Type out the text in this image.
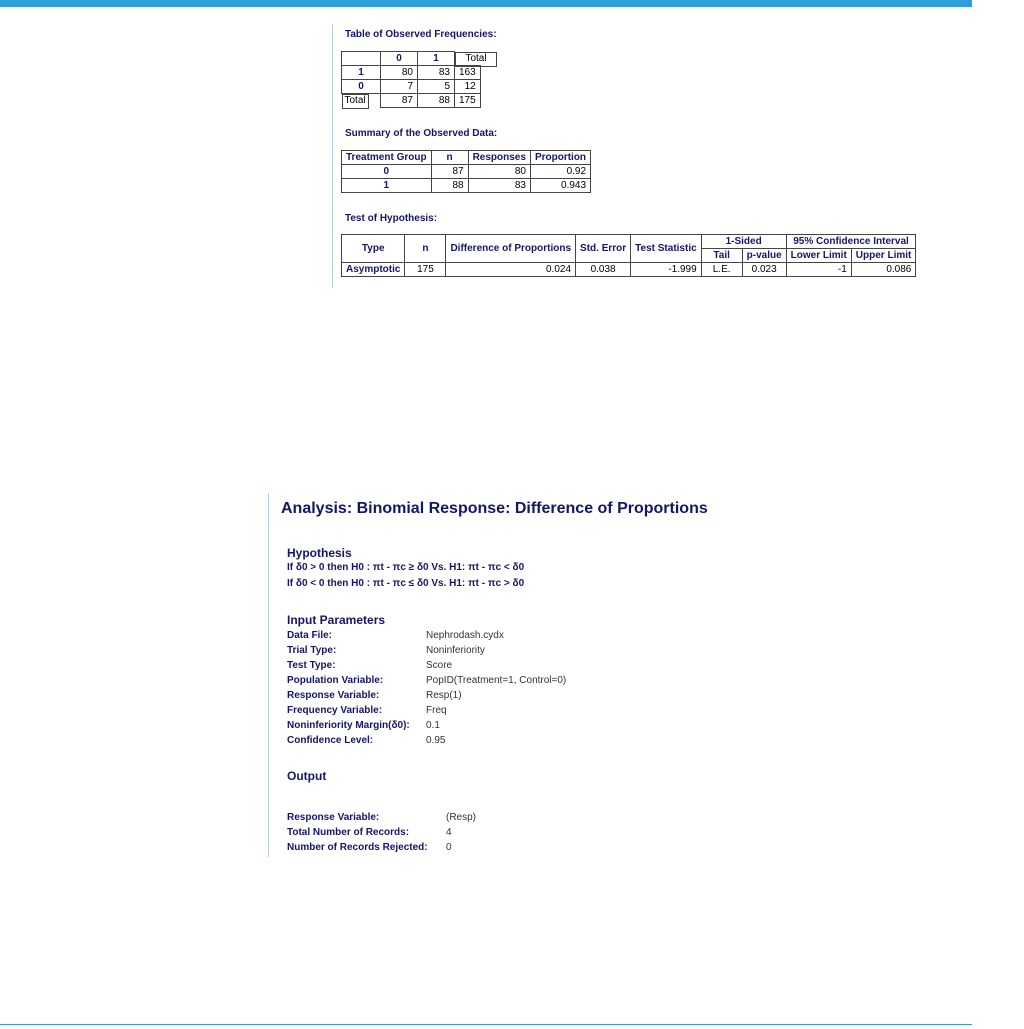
Table of Observed Frequencies:
	0	1		Total

1	80	83	163
0	7	5	12

Total	87	88	175
Summary of the Observed Data:
Treatment Group	n	Responses	Proportion
0	87	80	0.92
1	88	83	0.943
Test of Hypothesis:
Type	n	Difference of Proportions	Std. Error	Test Statistic	1-Sided		95% Confidence Interval	
					Tail	p-value	Lower Limit	Upper Limit
Asymptotic	175	0.024	0.038	-1.999	L.E.	0.023	-1	0.086
Analysis: Binomial Response: Difference of Proportions
Hypothesis
If δ0 > 0 then H0 : πt - πc ≥ δ0 Vs. H1: πt - πc < δ0
If δ0 < 0 then H0 : πt - πc ≤ δ0 Vs. H1: πt - πc > δ0
Input Parameters
Data File:	Nephrodash.cydx
Trial Type:	Noninferiority
Test Type:	Score
Population Variable:	PopID(Treatment=1, Control=0)
Response Variable:	Resp(1)
Frequency Variable:	Freq
Noninferiority Margin(δ0): 0.1
Confidence Level:	0.95
Output
Response Variable:	(Resp)
Total Number of Records:	4
Number of Records Rejected: 0
